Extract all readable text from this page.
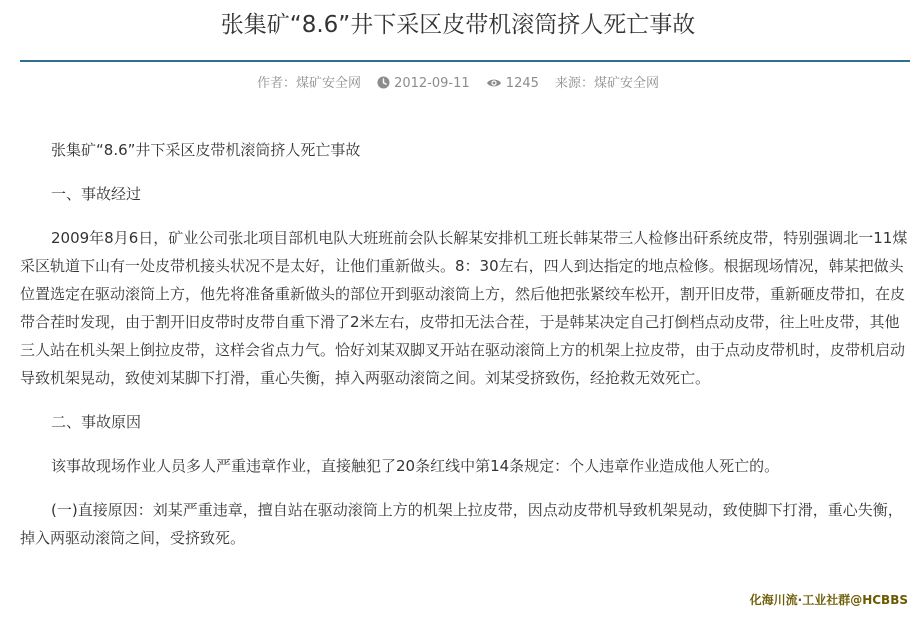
张集矿“8.6”井下采区皮带机滚筒挤人死亡事故
作者：煤矿安全网	2012-09-11	1245 来源：煤矿安全网

张集矿“8.6”井下采区皮带机滚筒挤人死亡事故

一、事故经过

2009年8月6日，矿业公司张北项目部机电队大班班前会队长解某安排机工班长韩某带三人检修出矸系统皮带，特别强调北一11煤采区轨道下山有一处皮带机接头状况不是太好，让他们重新做头。8：30左右，四人到达指定的地点检修。根据现场情况，韩某把做头位置选定在驱动滚筒上方，他先将准备重新做头的部位开到驱动滚筒上方，然后他把张紧绞车松开，割开旧皮带，重新砸皮带扣，在皮带合茬时发现，由于割开旧皮带时皮带自重下滑了2米左右，皮带扣无法合茬，于是韩某决定自己打倒档点动皮带，往上吐皮带，其他三人站在机头架上倒拉皮带，这样会省点力气。恰好刘某双脚叉开站在驱动滚筒上方的机架上拉皮带，由于点动皮带机时，皮带机启动导致机架晃动，致使刘某脚下打滑，重心失衡，掉入两驱动滚筒之间。刘某受挤致伤，经抢救无效死亡。

二、事故原因

该事故现场作业人员多人严重违章作业，直接触犯了20条红线中第14条规定：个人违章作业造成他人死亡的。

(一)直接原因：刘某严重违章，擅自站在驱动滚筒上方的机架上拉皮带，因点动皮带机导致机架晃动，致使脚下打滑，重心失衡，掉入两驱动滚筒之间，受挤致死。

化海川流·工业社群@HCBBS
